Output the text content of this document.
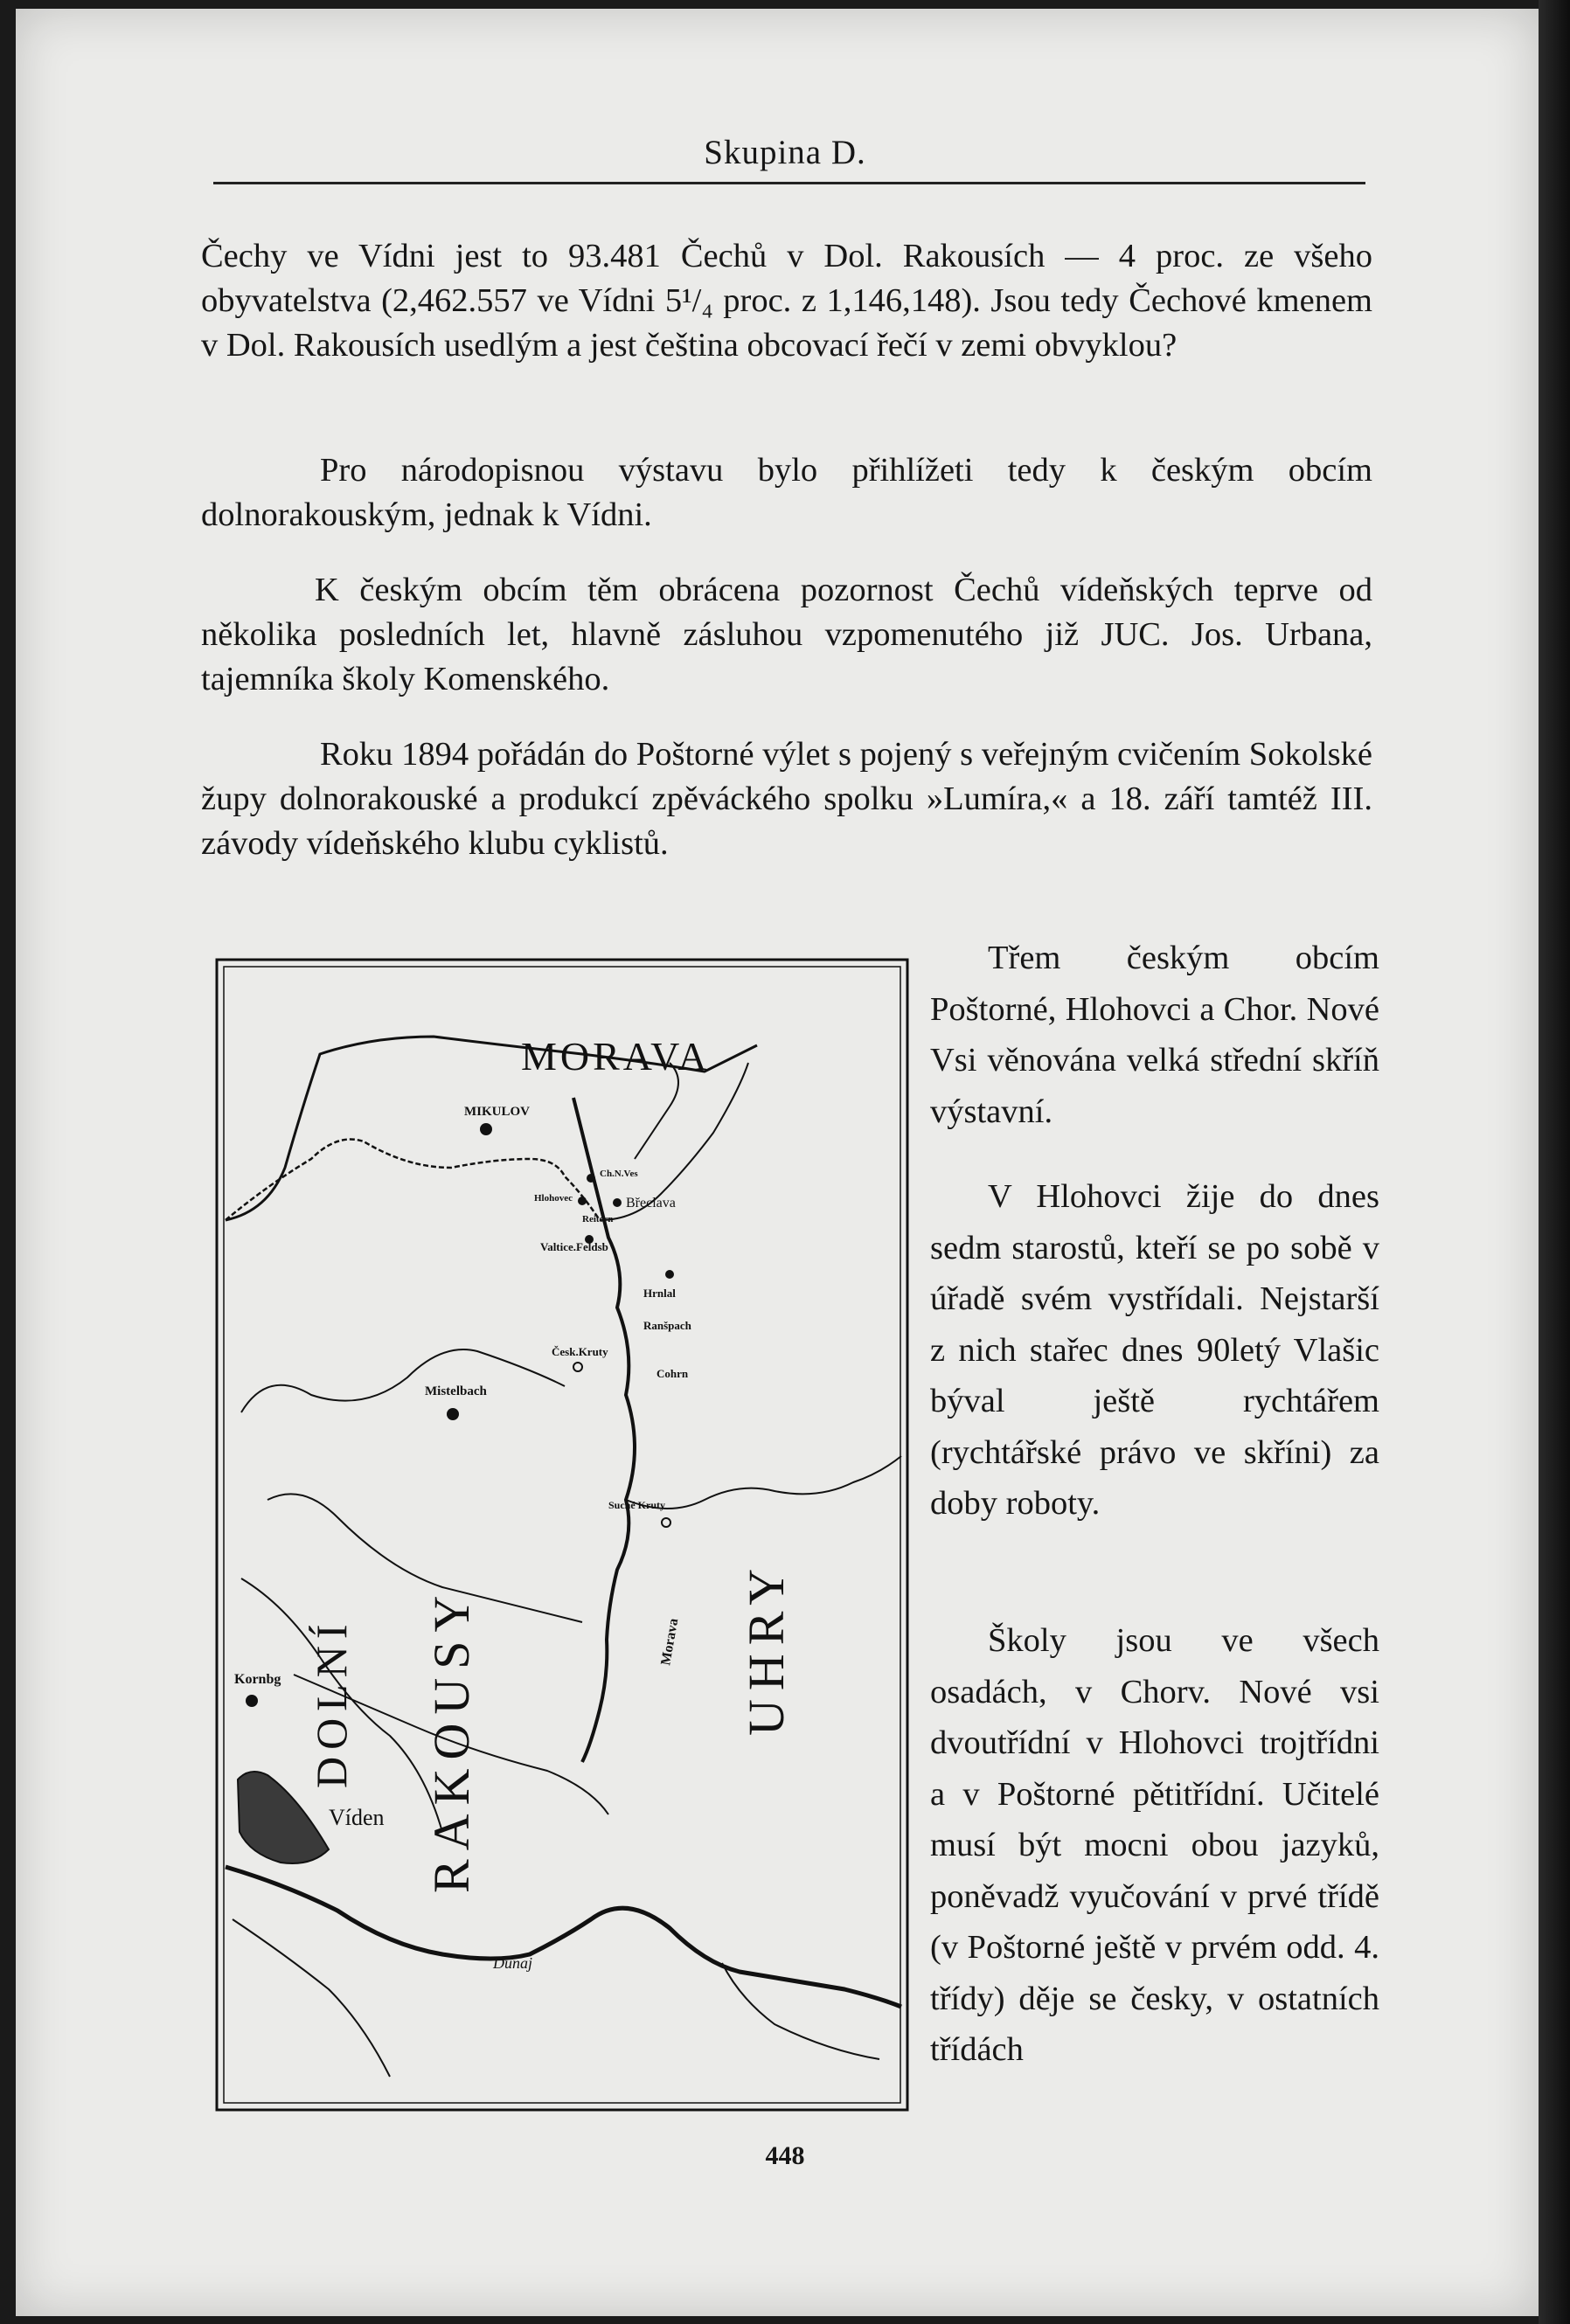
Skupina D.

Čechy ve Vídni jest to 93.481 Čechů v Dol. Rakousích — 4 proc. ze všeho obyvatelstva (2,462.557 ve Vídni 5¹/₄ proc. z 1,146,148). Jsou tedy Čechové kmenem v Dol. Rakousích usedlým a jest čeština obcovací řečí v zemi obvyklou?

Pro národopisnou výstavu bylo přihlížeti tedy k českým obcím dolnorakouským, jednak k Vídni.

K českým obcím těm obrácena pozornost Čechů vídeňských teprve od několika posledních let, hlavně zásluhou vzpomenutého již JUC. Jos. Urbana, tajemníka školy Komenského.

Roku 1894 pořádán do Poštorné výlet s pojený s veřejným cvičením Sokolské župy dolnorakouské a produkcí zpěváckého spolku »Lumíra,« a 18. září tamtéž III. závody vídeňského klubu cyklistů.

MORAVA
DOLNÍ RAKOUSY	UHRY
MIKULOV
Ch.N.Ves
Hlohovec	Břeclava
Reitern
Valtice.Feldsb
Hrnlal
Ranšpach
Česk.Kruty
Cohrn
Mistelbach
Suché Kruty
Kornbg
Víden
Morava
Dunaj

Třem českým obcím Poštorné, Hlohovci a Chor. Nové Vsi věnována velká střední skříň výstavní.

V Hlohovci žije do dnes sedm starostů, kteří se po sobě v úřadě svém vystřídali. Nejstarší z nich stařec dnes 90letý Vlašic býval ještě rychtářem (rychtářské právo ve skříni) za doby roboty.

Školy jsou ve všech osadách, v Chorv. Nové vsi dvoutřídní v Hlohovci trojtřídni a v Poštorné pětitřídní. Učitelé musí být mocni obou jazyků, poněvadž vyučování v prvé třídě (v Poštorné ještě v prvém odd. 4. třídy) děje se česky, v ostatních třídách

448
